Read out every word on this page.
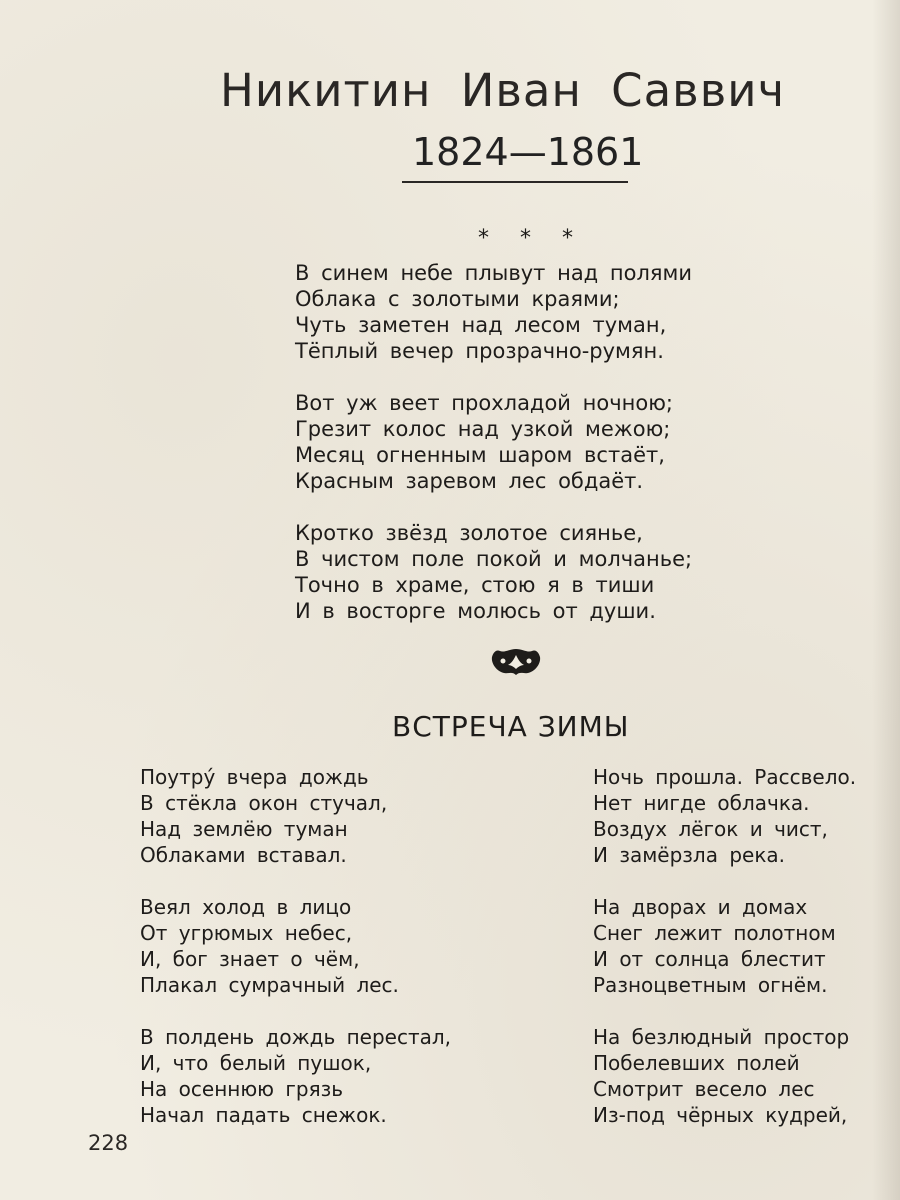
Никитин Иван Саввич
1824—1861
* * *
В синем небе плывут над полями
Облака с золотыми краями;
Чуть заметен над лесом туман,
Тёплый вечер прозрачно-румян.
Вот уж веет прохладой ночною;
Грезит колос над узкой межою;
Месяц огненным шаром встаёт,
Красным заревом лес обдаёт.
Кротко звёзд золотое сиянье,
В чистом поле покой и молчанье;
Точно в храме, стою я в тиши
И в восторге молюсь от души.
ВСТРЕЧА ЗИМЫ
Поутру́ вчера дождь
В стёкла окон стучал,
Над землёю туман
Облаками вставал.
Веял холод в лицо
От угрюмых небес,
И, бог знает о чём,
Плакал сумрачный лес.
В полдень дождь перестал,
И, что белый пушок,
На осеннюю грязь
Начал падать снежок.
Ночь прошла. Рассвело.
Нет нигде облачка.
Воздух лёгок и чист,
И замёрзла река.
На дворах и домах
Снег лежит полотном
И от солнца блестит
Разноцветным огнём.
На безлюдный простор
Побелевших полей
Смотрит весело лес
Из-под чёрных кудрей,
228
